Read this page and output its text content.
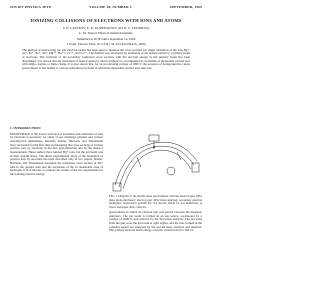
SOVIET PHYSICS JETP	VOLUME 28, NUMBER 3	SEPTEMBER, 1969
IONIZING COLLISIONS OF ELECTRONS WITH IONS AND ATOMS
S. E. LATYPOV, E. K. KUPRIYANOV, and N. S. YUDINOVA
L. Ya. Karpov Physical-chemical Institute
Submitted to JETP editor September 14, 1968
J. Exptl. Theoret. Phys. (U.S.S.R.) 56, 423-434 (March, 1969)
The method of intersecting ion and electron beams has been used to measure the cross sections for single ionization of the ions Hg+, Ar+, Kr+, Xe+, Zn+, Mg++, Ba++, Cs++, and Ca++. The method was developed by ionization of the neutral atoms by a primary beam of electrons. The variation of the secondary ionization cross sections with the electron energy in the primary beam has been determined. It is shown that the ionization of neutral atoms by electron impact is accompanied by formation of metastable excited ions with single, double, or triple charge. It is also shown that, for an accelerating voltage of 2000 V, the presence of background in a mass spectrometer is due mainly to various ionization processes in which the metastable excited ions take part.
1. INTRODUCTION

KNOWLEDGE of the lowest sections for excitation and ionization of ions by electrons is necessary for study of gas discharge plasmas and various astrophysical phenomena. Recently Dolder, Harrison, and Thonemann have succeeded for the first time in measuring the cross sections of various positive ions by electrons in the first approximation and by the detector measurement. These authors have ionized Hg+ ions, but the ion beam was in their ground states. The direct experimental study of the ionization of positive ions by electrons has been described only in two papers. Dolder, Harrison, and Thonemann measured the ionization cross section of He+ ions in the ground state and the excitation of the 2s metastable state of hydrogen. It is of interest to compare the results of the two experiments for the ionizing electron energy.

FIG. 1. Diagram of the double mass spectrometer with the electron gun. MS1 mass monochromator; electron gun; MS2 mass analyzer; secondary electron multiplier; registration system; E1, E2 electric fields for ion deflection; A lower and upper slits; collector.

spectrometer in which an electron gun was placed between the magnetic analyzers. The ion beam is formed in an ion source, accelerated by a voltage of 2000 V, and selected by the first mass analyzer. The electrons from the gun cross the ion beam at right angles, and the ions formed in the collision region are analyzed by the second mass analyzer and detected. The primary electron beam energy could be varied from 0 to 500 eV.
